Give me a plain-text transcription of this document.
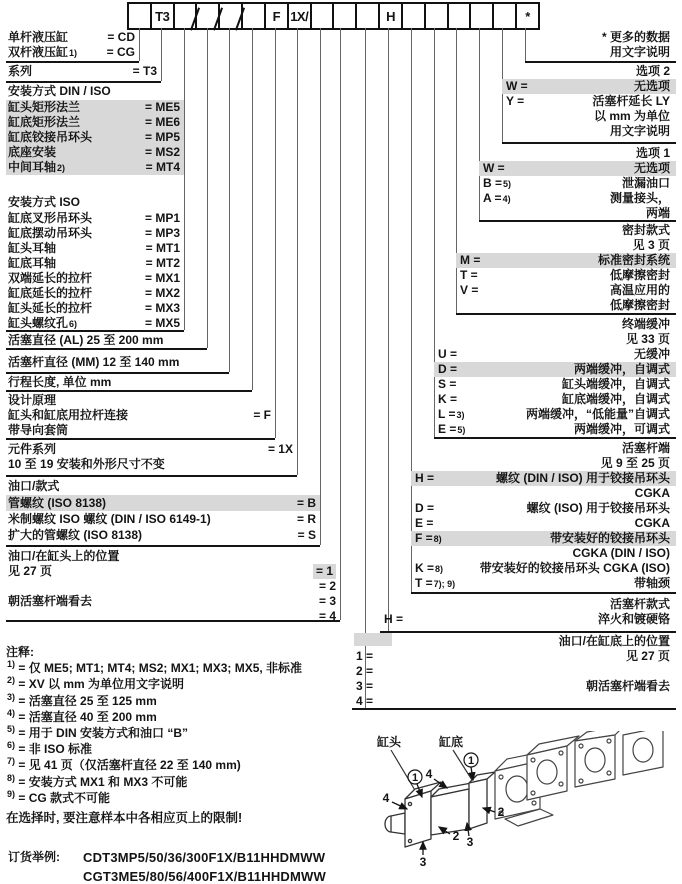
T3	F 1X/	H	*
单杆液压缸	= CD
双杆液压缸 1) = CG
系列	= T3
安装方式 DIN / ISO
缸头矩形法兰	= ME5
缸底矩形法兰	= ME6
缸底铰接吊环头	= MP5
底座安装	= MS2
中间耳轴 2)	= MT4
安装方式 ISO
缸底叉形吊环头	= MP1
缸底摆动吊环头	= MP3
缸头耳轴	= MT1
缸底耳轴	= MT2
双端延长的拉杆	= MX1
缸底延长的拉杆	= MX2
缸头延长的拉杆	= MX3
缸头螺纹孔 6)	= MX5
活塞直径 (AL) 25 至 200 mm
活塞杆直径 (MM) 12 至 140 mm
行程长度, 单位 mm
设计原理
缸头和缸底用拉杆连接	= F
带导向套筒
元件系列	= 1X
10 至 19 安装和外形尺寸不变
油口/款式
管螺纹 (ISO 8138)	= B
米制螺纹 ISO 螺纹 (DIN / ISO 6149-1)	= R
扩大的管螺纹 (ISO 8138)	= S
油口/在缸头上的位置
见 27 页	= 1
= 2
朝活塞杆端看去	= 3
= 4
* 更多的数据
用文字说明
选项 2
W =	无选项
Y =	活塞杆延长 LY
以 mm 为单位
用文字说明
选项 1
W =	无选项
B = 5)	泄漏油口
A = 4)	测量接头，
两端
密封款式
见 3 页
M =	标准密封系统
T =	低摩擦密封
V =	高温应用的
低摩擦密封
终端缓冲
见 33 页
U =	无缓冲
D =	两端缓冲，自调式
S =	缸头端缓冲，自调式
K =	缸底端缓冲，自调式
L = 3)	两端缓冲，“低能量”自调式
E = 5)	两端缓冲，可调式
活塞杆端
见 9 至 25 页
H =	螺纹 (DIN / ISO) 用于铰接吊环头
CGKA
D =	螺纹 (ISO) 用于铰接吊环头
E =	CGKA
F = 8)	带安装好的铰接吊环头
CGKA (DIN / ISO)
K = 8)	带安装好的铰接吊环头 CGKA (ISO)
T = 7); 9)	带轴颈
活塞杆款式
H =	淬火和镀硬铬
油口/在缸底上的位置
1 =	见 27 页
2 =
3 =	朝活塞杆端看去
4 =
注释:
$^{1)}$ = 仅 ME5; MT1; MT4; MS2; MX1; MX3; MX5, 非标准
$^{2)}$ = XV 以 mm 为单位用文字说明
$^{3)}$ = 活塞直径 25 至 125 mm
$^{4)}$ = 活塞直径 40 至 200 mm
$^{5)}$ = 用于 DIN 安装方式和油口 “B”
$^{6)}$ = 非 ISO 标准
$^{7)}$ = 见 41 页（仅活塞杆直径 22 至 140 mm)
$^{8)}$ = 安装方式 MX1 和 MX3 不可能
$^{9)}$ = CG 款式不可能
在选择时, 要注意样本中各相应页上的限制!
订货举例:	CDT3MP5/50/36/300F1X/B11HHDMWW
CGT3ME5/80/56/400F1X/B11HHDMWW
缸头	缸底
1
1
4
4
2
2 3
3
